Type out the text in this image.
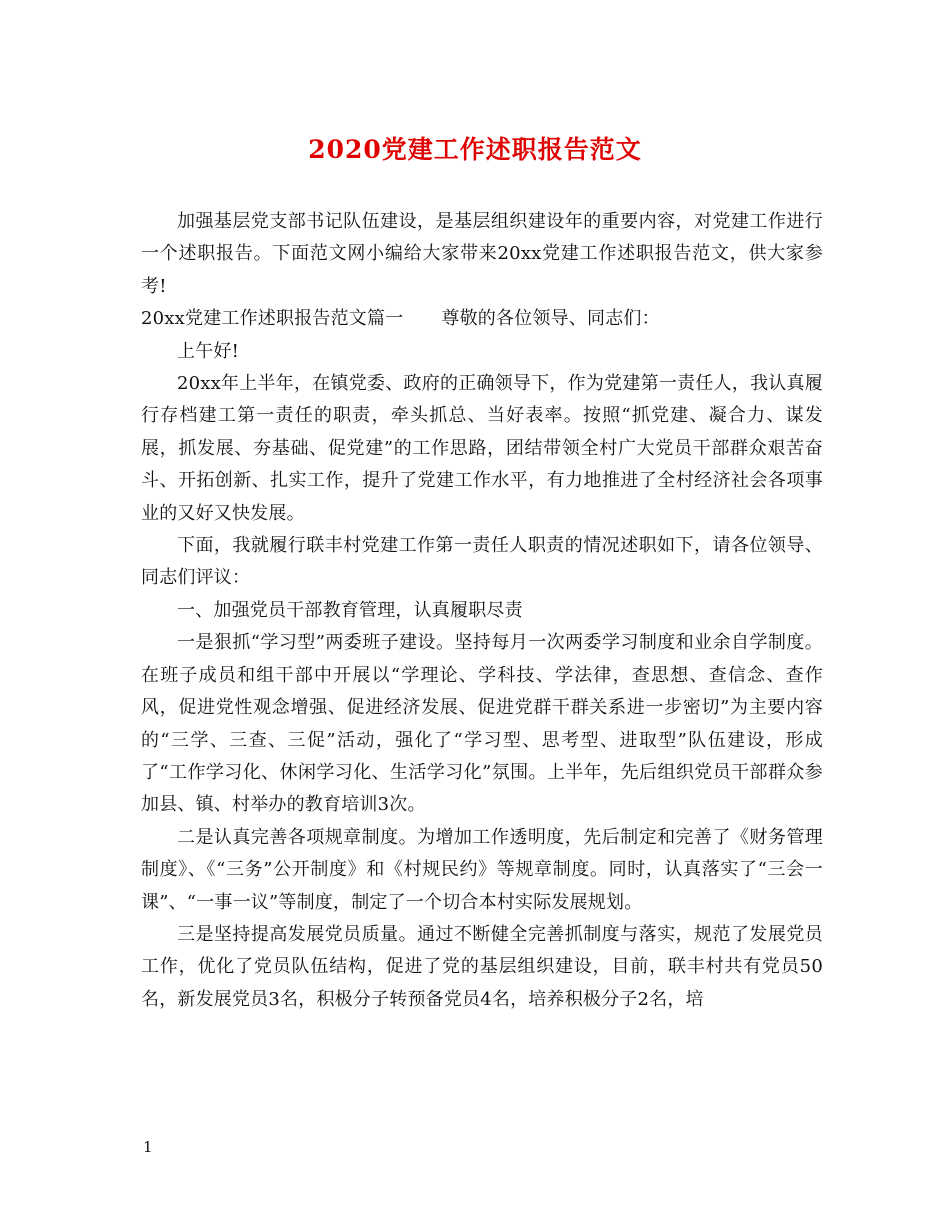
2020党建工作述职报告范文

加强基层党支部书记队伍建设，是基层组织建设年的重要内容，对党建工作进行一个述职报告。下面范文网小编给大家带来20xx党建工作述职报告范文，供大家参考!

20xx党建工作述职报告范文篇一 尊敬的各位领导、同志们：

上午好!

20xx年上半年，在镇党委、政府的正确领导下，作为党建第一责任人，我认真履行存档建工第一责任的职责，牵头抓总、当好表率。按照“抓党建、凝合力、谋发展，抓发展、夯基础、促党建”的工作思路，团结带领全村广大党员干部群众艰苦奋斗、开拓创新、扎实工作，提升了党建工作水平，有力地推进了全村经济社会各项事业的又好又快发展。

下面，我就履行联丰村党建工作第一责任人职责的情况述职如下，请各位领导、同志们评议：

一、加强党员干部教育管理，认真履职尽责

一是狠抓“学习型”两委班子建设。坚持每月一次两委学习制度和业余自学制度。在班子成员和组干部中开展以“学理论、学科技、学法律，查思想、查信念、查作风，促进党性观念增强、促进经济发展、促进党群干群关系进一步密切”为主要内容的“三学、三查、三促”活动，强化了“学习型、思考型、进取型”队伍建设，形成了“工作学习化、休闲学习化、生活学习化”氛围。上半年，先后组织党员干部群众参加县、镇、村举办的教育培训3次。

二是认真完善各项规章制度。为增加工作透明度，先后制定和完善了《财务管理制度》、《“三务”公开制度》和《村规民约》等规章制度。同时，认真落实了“三会一课”、“一事一议”等制度，制定了一个切合本村实际发展规划。

三是坚持提高发展党员质量。通过不断健全完善抓制度与落实，规范了发展党员工作，优化了党员队伍结构，促进了党的基层组织建设，目前，联丰村共有党员50名，新发展党员3名，积极分子转预备党员4名，培养积极分子2名，培

1
